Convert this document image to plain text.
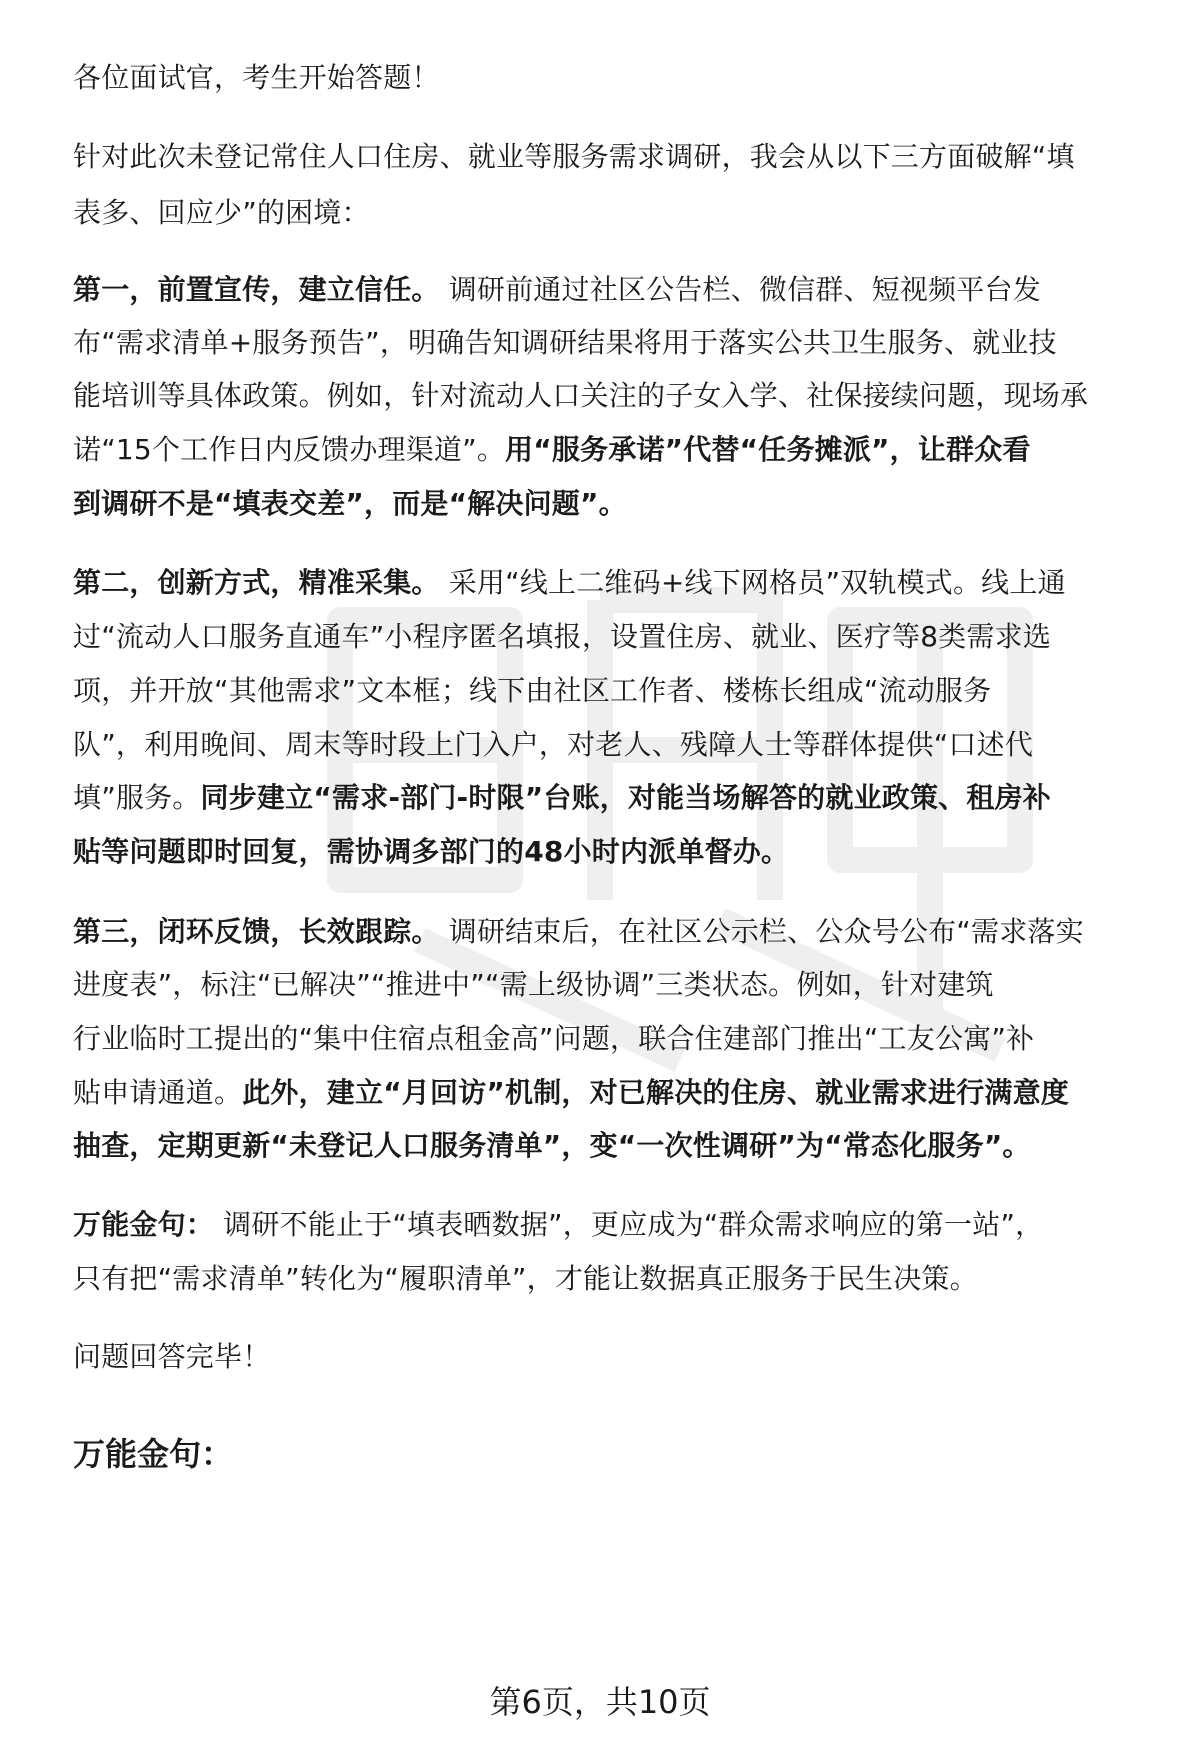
各位面试官，考生开始答题！
针对此次未登记常住人口住房、就业等服务需求调研，我会从以下三方面破解“填
表多、回应少”的困境：
第一，前置宣传，建立信任。 调研前通过社区公告栏、微信群、短视频平台发
布“需求清单+服务预告”，明确告知调研结果将用于落实公共卫生服务、就业技
能培训等具体政策。例如，针对流动人口关注的子女入学、社保接续问题，现场承
诺“15个工作日内反馈办理渠道”。用“服务承诺”代替“任务摊派”，让群众看
到调研不是“填表交差”，而是“解决问题”。
第二，创新方式，精准采集。 采用“线上二维码+线下网格员”双轨模式。线上通
过“流动人口服务直通车”小程序匿名填报，设置住房、就业、医疗等8类需求选
项，并开放“其他需求”文本框；线下由社区工作者、楼栋长组成“流动服务
队”，利用晚间、周末等时段上门入户，对老人、残障人士等群体提供“口述代
填”服务。同步建立“需求-部门-时限”台账，对能当场解答的就业政策、租房补
贴等问题即时回复，需协调多部门的48小时内派单督办。
第三，闭环反馈，长效跟踪。 调研结束后，在社区公示栏、公众号公布“需求落实
进度表”，标注“已解决”“推进中”“需上级协调”三类状态。例如，针对建筑
行业临时工提出的“集中住宿点租金高”问题，联合住建部门推出“工友公寓”补
贴申请通道。此外，建立“月回访”机制，对已解决的住房、就业需求进行满意度
抽查，定期更新“未登记人口服务清单”，变“一次性调研”为“常态化服务”。
万能金句： 调研不能止于“填表晒数据”，更应成为“群众需求响应的第一站”，
只有把“需求清单”转化为“履职清单”，才能让数据真正服务于民生决策。
问题回答完毕！
万能金句：
第6页，共10页
